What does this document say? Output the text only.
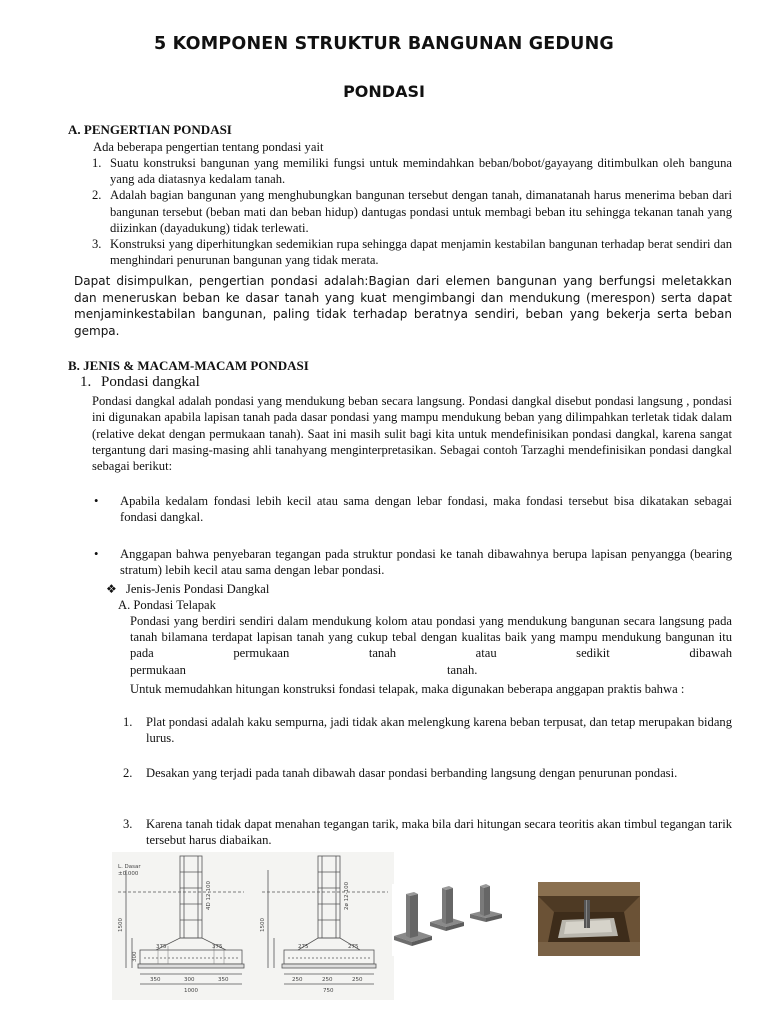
5 KOMPONEN STRUKTUR BANGUNAN GEDUNG
PONDASI
A. PENGERTIAN PONDASI
Ada beberapa pengertian tentang pondasi yait
1. Suatu konstruksi bangunan yang memiliki fungsi untuk memindahkan beban/bobot/gayayang ditimbulkan oleh banguna yang ada diatasnya kedalam tanah.
2. Adalah bagian bangunan yang menghubungkan bangunan tersebut dengan tanah, dimanatanah harus menerima beban dari bangunan tersebut (beban mati dan beban hidup) dantugas pondasi untuk membagi beban itu sehingga tekanan tanah yang diizinkan (dayadukung) tidak terlewati.
3. Konstruksi yang diperhitungkan sedemikian rupa sehingga dapat menjamin kestabilan bangunan terhadap berat sendiri dan menghindari penurunan bangunan yang tidak merata.
Dapat disimpulkan, pengertian pondasi adalah:Bagian dari elemen bangunan yang berfungsi meletakkan dan meneruskan beban ke dasar tanah yang kuat mengimbangi dan mendukung (merespon) serta dapat menjaminkestabilan bangunan, paling tidak terhadap beratnya sendiri, beban yang bekerja serta beban gempa.
B. JENIS & MACAM-MACAM PONDASI
1. Pondasi dangkal
Pondasi dangkal adalah pondasi yang mendukung beban secara langsung. Pondasi dangkal disebut pondasi langsung , pondasi ini digunakan apabila lapisan tanah pada dasar pondasi yang mampu mendukung beban yang dilimpahkan terletak tidak dalam (relative dekat dengan permukaan tanah). Saat ini masih sulit bagi kita untuk mendefinisikan pondasi dangkal, karena sangat tergantung dari masing-masing ahli tanahyang menginterpretasikan. Sebagai contoh Tarzaghi mendefinisikan pondasi dangkal sebagai berikut:
•	Apabila kedalam fondasi lebih kecil atau sama dengan lebar fondasi, maka fondasi tersebut bisa dikatakan sebagai fondasi dangkal.
•	Anggapan bahwa penyebaran tegangan pada struktur pondasi ke tanah dibawahnya berupa lapisan penyangga (bearing stratum) lebih kecil atau sama dengan lebar pondasi.
❖ Jenis-Jenis Pondasi Dangkal
A. Pondasi Telapak
Pondasi yang berdiri sendiri dalam mendukung kolom atau pondasi yang mendukung bangunan secara langsung pada tanah bilamana terdapat lapisan tanah yang cukup tebal dengan kualitas baik yang mampu mendukung bangunan itu pada permukaan tanah atau sedikit dibawah
permukaan	tanah.
Untuk memudahkan hitungan konstruksi fondasi telapak, maka digunakan beberapa anggapan praktis bahwa :
1.	Plat pondasi adalah kaku sempurna, jadi tidak akan melengkung karena beban terpusat, dan tetap merupakan bidang lurus.
2.	Desakan yang terjadi pada tanah dibawah dasar pondasi berbanding langsung dengan penurunan pondasi.
3.	Karena tanah tidak dapat menahan tegangan tarik, maka bila dari hitungan secara teoritis akan timbul tegangan tarik tersebut harus diabaikan.
L. Dasar
±0.000
375	375
350	300	350
1000
275	275
250	250	250
750
1500
300
1500
4D 12-100	2ø 12-100
